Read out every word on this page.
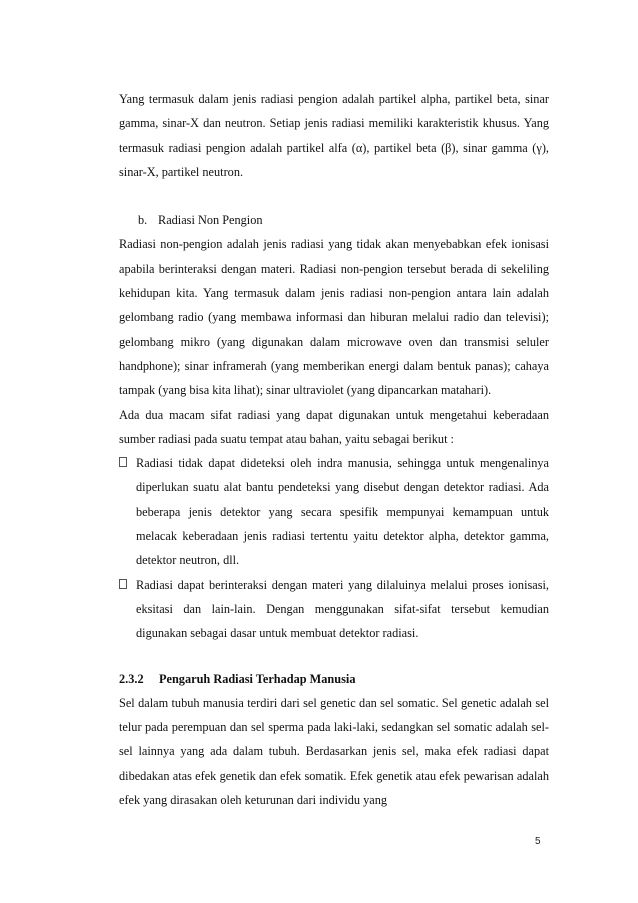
Yang termasuk dalam jenis radiasi pengion adalah partikel alpha, partikel beta, sinar gamma, sinar-X dan neutron. Setiap jenis radiasi memiliki karakteristik khusus. Yang termasuk radiasi pengion adalah partikel alfa (α), partikel beta (β), sinar gamma (γ), sinar-X, partikel neutron.

b. Radiasi Non Pengion

Radiasi non-pengion adalah jenis radiasi yang tidak akan menyebabkan efek ionisasi apabila berinteraksi dengan materi. Radiasi non-pengion tersebut berada di sekeliling kehidupan kita. Yang termasuk dalam jenis radiasi non-pengion antara lain adalah gelombang radio (yang membawa informasi dan hiburan melalui radio dan televisi); gelombang mikro (yang digunakan dalam microwave oven dan transmisi seluler handphone); sinar inframerah (yang memberikan energi dalam bentuk panas); cahaya tampak (yang bisa kita lihat); sinar ultraviolet (yang dipancarkan matahari).

Ada dua macam sifat radiasi yang dapat digunakan untuk mengetahui keberadaan sumber radiasi pada suatu tempat atau bahan, yaitu sebagai berikut :

Radiasi tidak dapat dideteksi oleh indra manusia, sehingga untuk mengenalinya diperlukan suatu alat bantu pendeteksi yang disebut dengan detektor radiasi. Ada beberapa jenis detektor yang secara spesifik mempunyai kemampuan untuk melacak keberadaan jenis radiasi tertentu yaitu detektor alpha, detektor gamma, detektor neutron, dll.
Radiasi dapat berinteraksi dengan materi yang dilaluinya melalui proses ionisasi, eksitasi dan lain-lain. Dengan menggunakan sifat-sifat tersebut kemudian digunakan sebagai dasar untuk membuat detektor radiasi.
2.3.2 Pengaruh Radiasi Terhadap Manusia

Sel dalam tubuh manusia terdiri dari sel genetic dan sel somatic. Sel genetic adalah sel telur pada perempuan dan sel sperma pada laki-laki, sedangkan sel somatic adalah sel-sel lainnya yang ada dalam tubuh. Berdasarkan jenis sel, maka efek radiasi dapat dibedakan atas efek genetik dan efek somatik. Efek genetik atau efek pewarisan adalah efek yang dirasakan oleh keturunan dari individu yang

5
